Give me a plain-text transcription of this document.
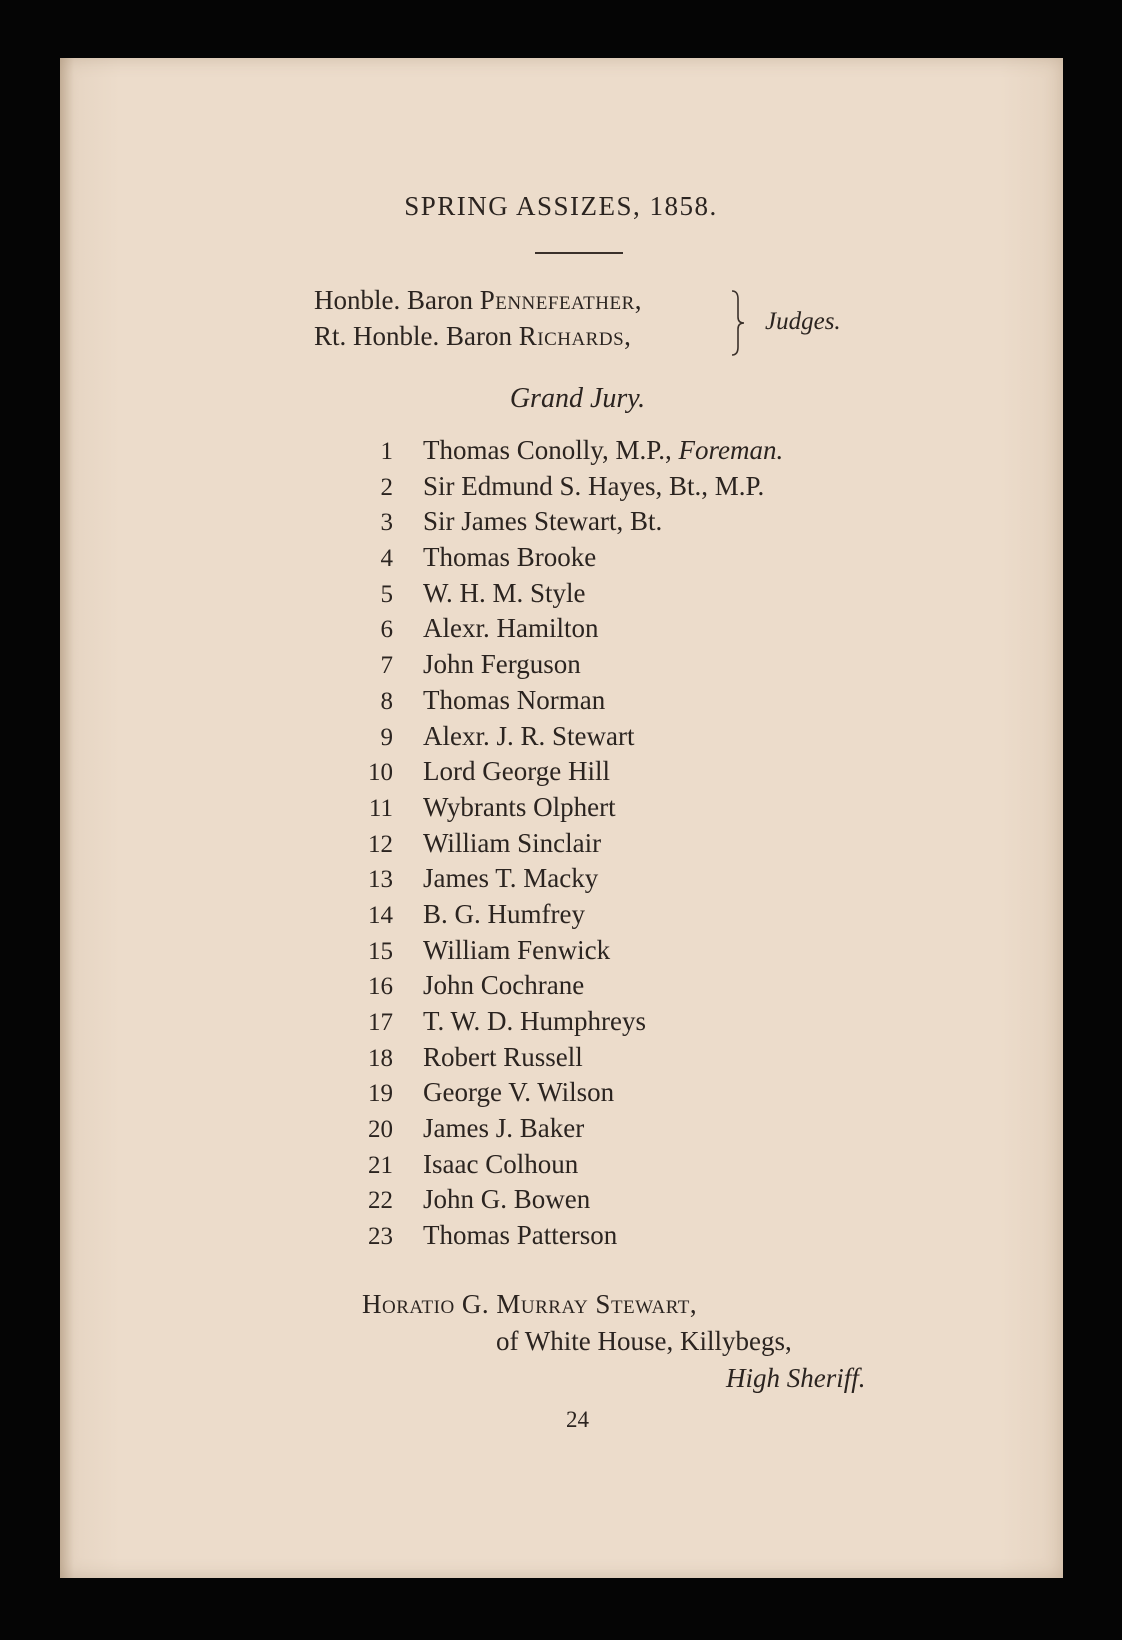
SPRING ASSIZES, 1858.
Honble. Baron Pennefeather,
Rt. Honble. Baron Richards,	Judges.
Grand Jury.
1 Thomas Conolly, M.P., Foreman.
2 Sir Edmund S. Hayes, Bt., M.P.
3 Sir James Stewart, Bt.
4 Thomas Brooke
5 W. H. M. Style
6 Alexr. Hamilton
7 John Ferguson
8 Thomas Norman
9 Alexr. J. R. Stewart
10 Lord George Hill
11 Wybrants Olphert
12 William Sinclair
13 James T. Macky
14 B. G. Humfrey
15 William Fenwick
16 John Cochrane
17 T. W. D. Humphreys
18 Robert Russell
19 George V. Wilson
20 James J. Baker
21 Isaac Colhoun
22 John G. Bowen
23 Thomas Patterson
Horatio G. Murray Stewart,
of White House, Killybegs,
High Sheriff.
24
